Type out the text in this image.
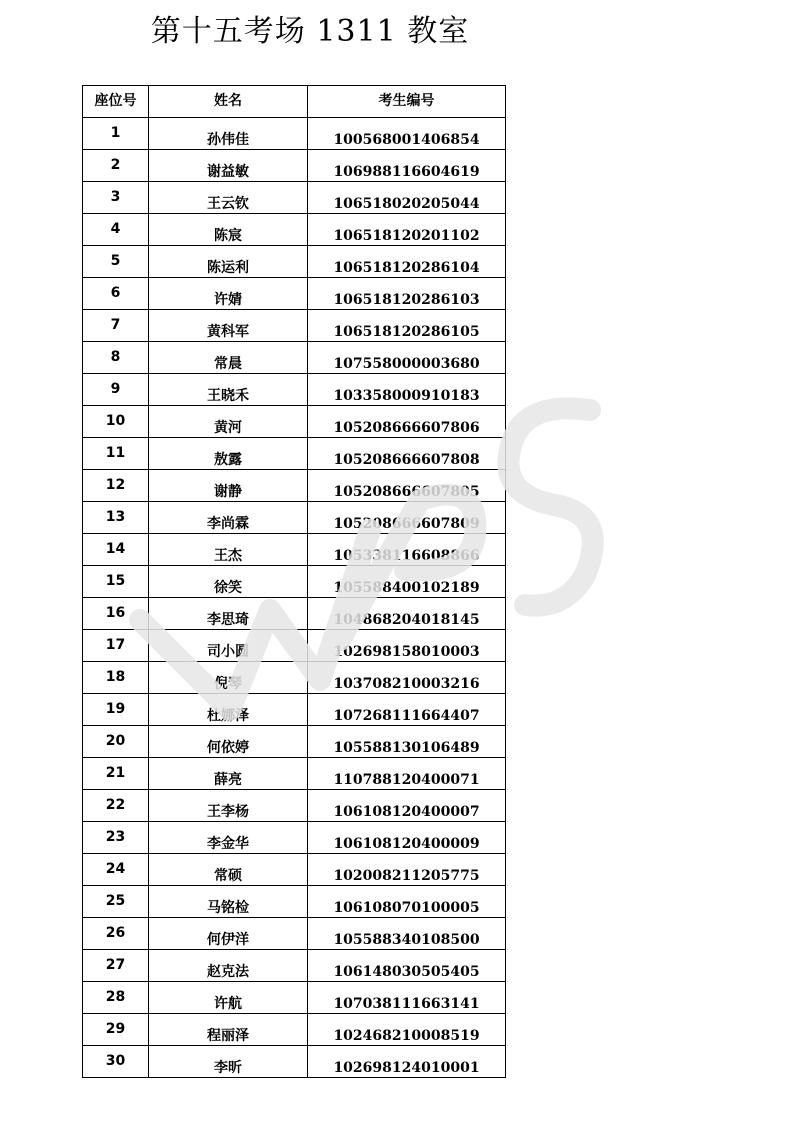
第十五考场 1311 教室
座位号	姓名	考生编号
1	孙伟佳	100568001406854
2	谢益敏	106988116604619
3	王云钦	106518020205044
4	陈宸	106518120201102
5	陈运利	106518120286104
6	许婧	106518120286103
7	黄科军	106518120286105
8	常晨	107558000003680
9	王晓禾	103358000910183
10	黄河	105208666607806
11	敖露	105208666607808
12	谢静	105208666607805
13	李尚霖	105208666607809
14	王杰	105338116608866
15	徐笑	105588400102189
16	李思琦	104868204018145
17	司小圆	102698158010003
18	倪琴	103708210003216
19	杜娜泽	107268111664407
20	何依婷	105588130106489
21	薛亮	110788120400071
22	王李杨	106108120400007
23	李金华	106108120400009
24	常硕	102008211205775
25	马铭检	106108070100005
26	何伊洋	105588340108500
27	赵克法	106148030505405
28	许航	107038111663141
29	程丽泽	102468210008519
30	李昕	102698124010001
